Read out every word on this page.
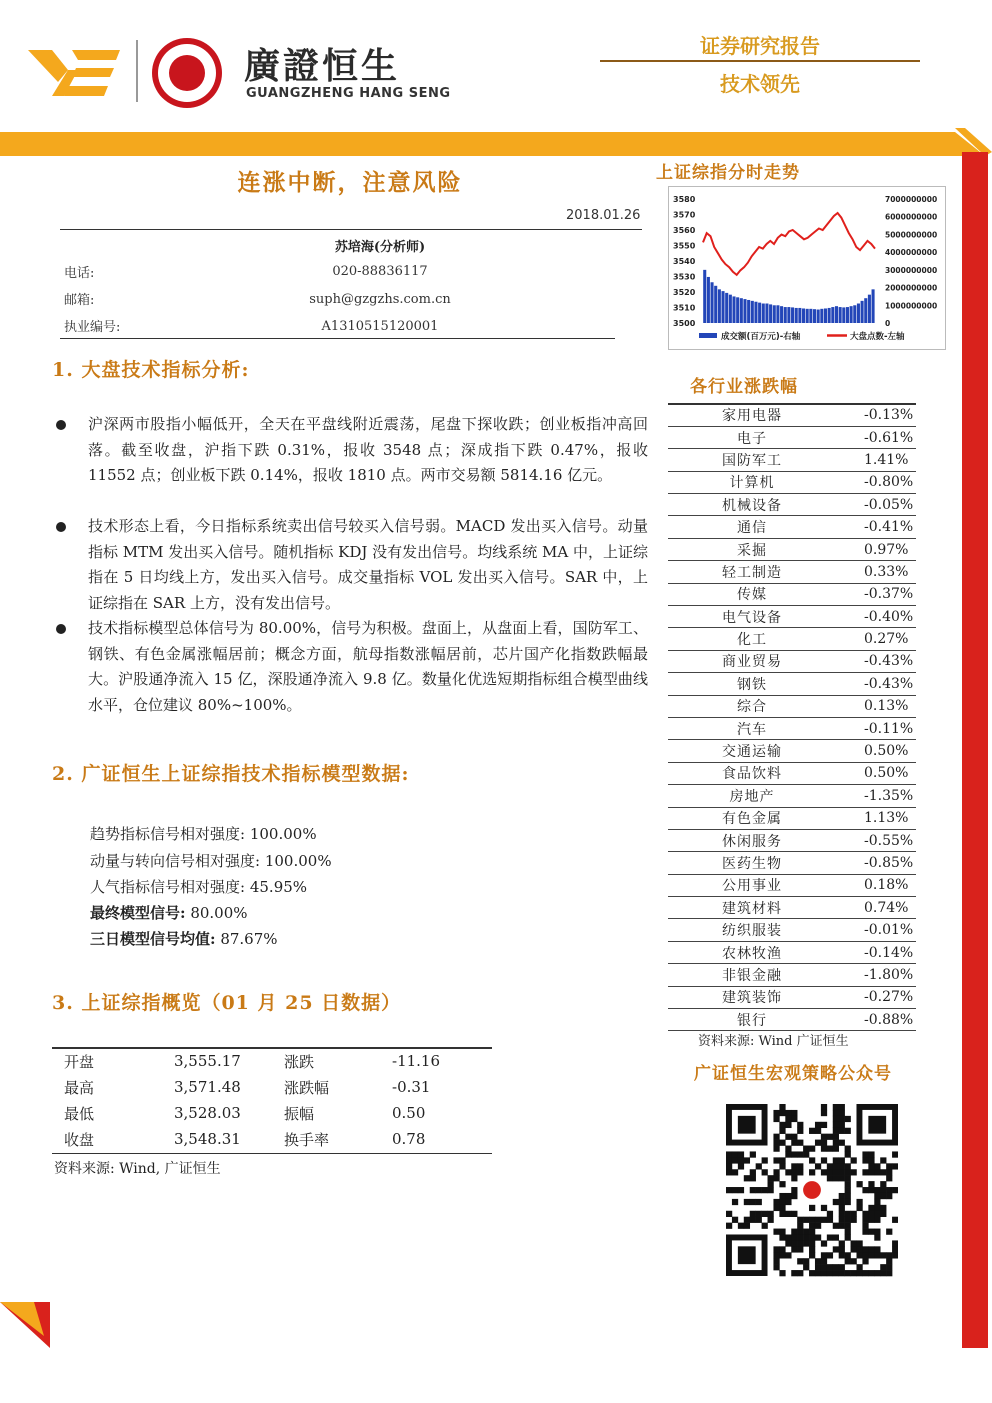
廣證恒生
GUANGZHENG HANG SENG
证券研究报告
技术领先
连涨中断，注意风险
2018.01.26
苏培海(分析师)
电话:	020-88836117
邮箱:	suph@gzgzhs.com.cn
执业编号:	A1310515120001
1. 大盘技术指标分析:
沪深两市股指小幅低开，全天在平盘线附近震荡，尾盘下探收跌；创业板指冲高回落。截至收盘，沪指下跌 0.31%，报收 3548 点；深成指下跌 0.47%，报收 11552 点；创业板下跌 0.14%，报收 1810 点。两市交易额 5814.16 亿元。
技术形态上看，今日指标系统卖出信号较买入信号弱。MACD 发出买入信号。动量指标 MTM 发出买入信号。随机指标 KDJ 没有发出信号。均线系统 MA 中，上证综指在 5 日均线上方，发出买入信号。成交量指标 VOL 发出买入信号。SAR 中，上证综指在 SAR 上方，没有发出信号。
技术指标模型总体信号为 80.00%，信号为积极。盘面上，从盘面上看，国防军工、钢铁、有色金属涨幅居前；概念方面，航母指数涨幅居前，芯片国产化指数跌幅最大。沪股通净流入 15 亿，深股通净流入 9.8 亿。数量化优选短期指标组合模型曲线水平，仓位建议 80%~100%。
2. 广证恒生上证综指技术指标模型数据:
趋势指标信号相对强度: 100.00%
动量与转向信号相对强度: 100.00%
人气指标信号相对强度: 45.95%
最终模型信号: 80.00%
三日模型信号均值: 87.67%
3. 上证综指概览（01 月 25 日数据）
开盘	3,555.17	涨跌	-11.16
最高	3,571.48	涨跌幅	-0.31
最低	3,528.03	振幅	0.50
收盘	3,548.31	换手率	0.78
资料来源: Wind, 广证恒生
上证综指分时走势
3580
3570
3560
3550
3540
3530
3520
3510
3500
7000000000
6000000000
5000000000
4000000000
3000000000
2000000000
1000000000
0
成交额(百万元)-右轴	大盘点数-左轴
各行业涨跌幅
家用电器	-0.13%
电子	-0.61%
国防军工	1.41%
计算机	-0.80%
机械设备	-0.05%
通信	-0.41%
采掘	0.97%
轻工制造	0.33%
传媒	-0.37%
电气设备	-0.40%
化工	0.27%
商业贸易	-0.43%
钢铁	-0.43%
综合	0.13%
汽车	-0.11%
交通运输	0.50%
食品饮料	0.50%
房地产	-1.35%
有色金属	1.13%
休闲服务	-0.55%
医药生物	-0.85%
公用事业	0.18%
建筑材料	0.74%
纺织服装	-0.01%
农林牧渔	-0.14%
非银金融	-1.80%
建筑装饰	-0.27%
银行	-0.88%
资料来源: Wind 广证恒生
广证恒生宏观策略公众号
